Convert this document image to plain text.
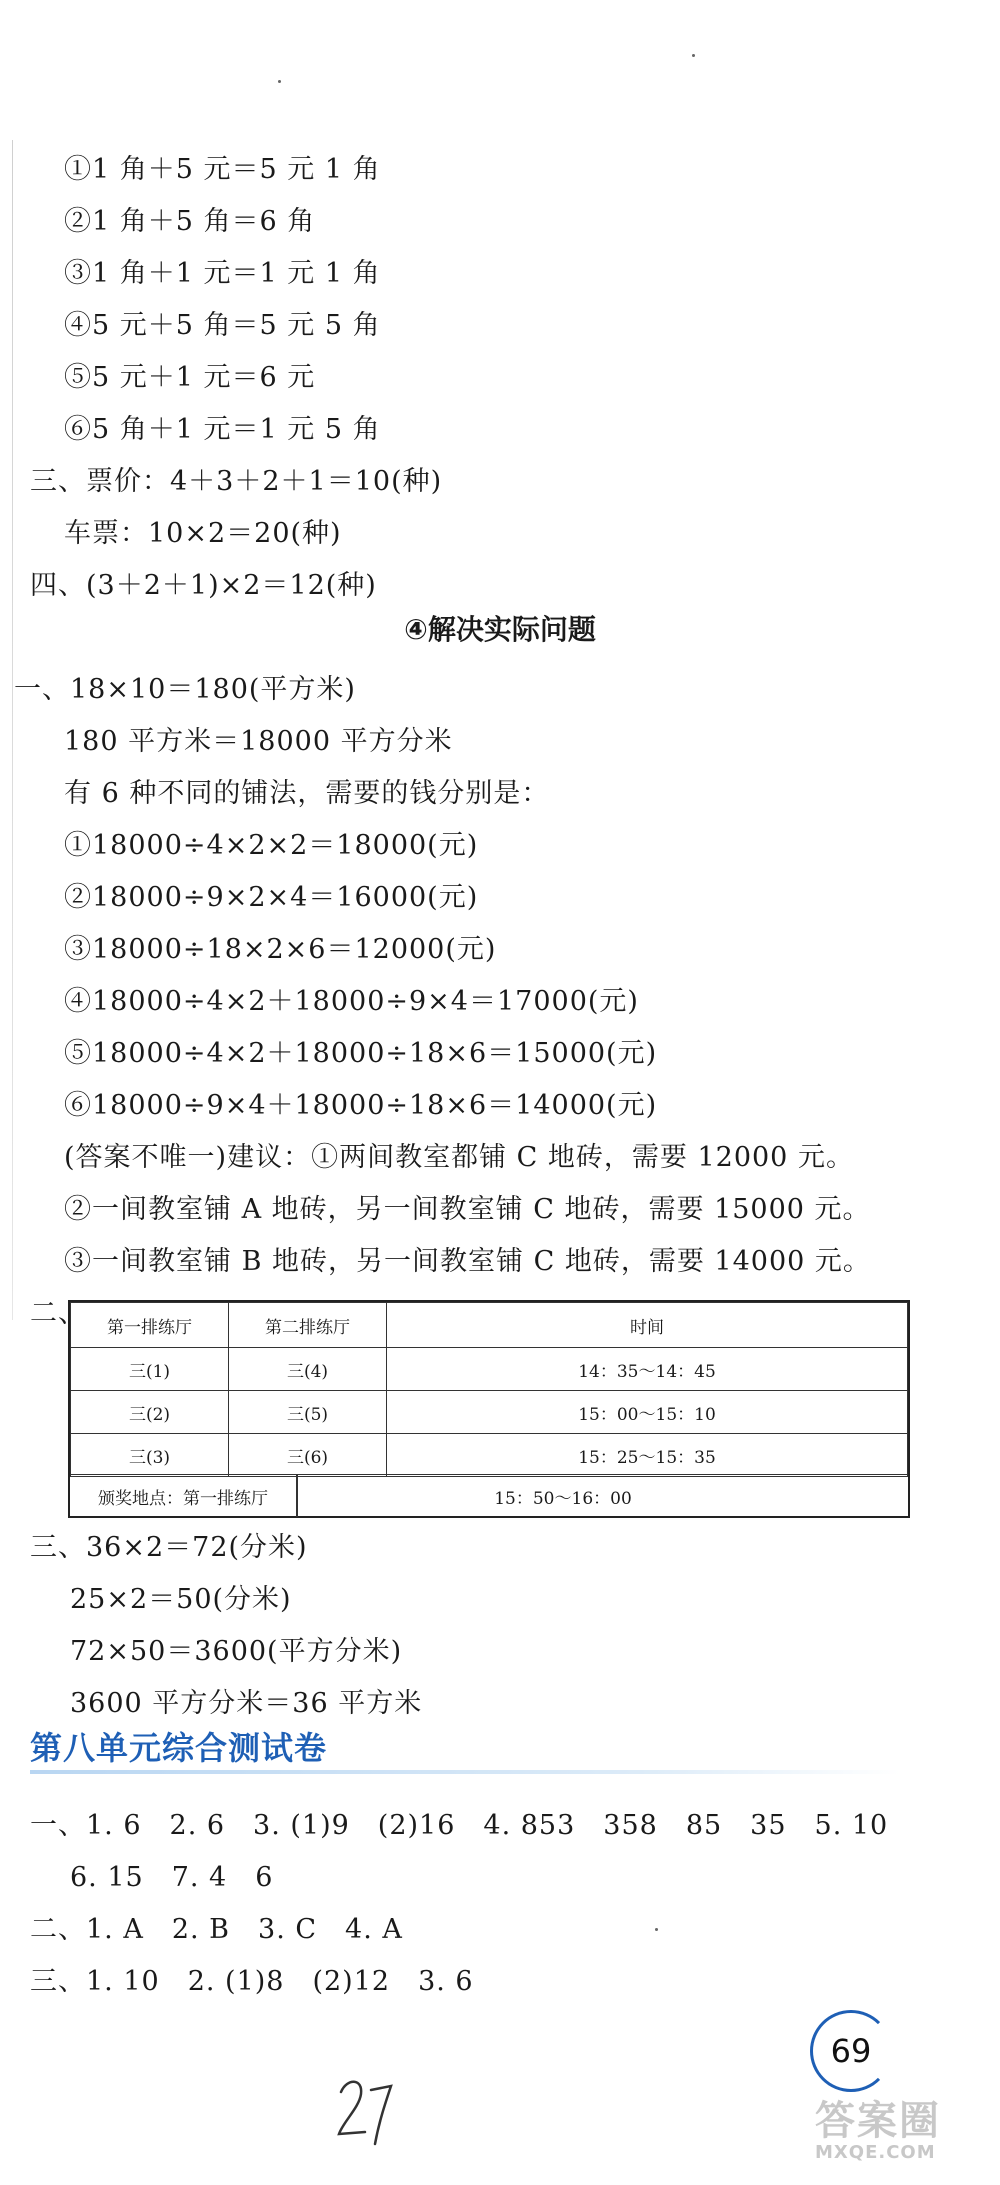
①1 角＋5 元＝5 元 1 角
②1 角＋5 角＝6 角
③1 角＋1 元＝1 元 1 角
④5 元＋5 角＝5 元 5 角
⑤5 元＋1 元＝6 元
⑥5 角＋1 元＝1 元 5 角
三、票价：4＋3＋2＋1＝10(种)
车票：10×2＝20(种)
四、(3＋2＋1)×2＝12(种)
④解决实际问题
一、18×10＝180(平方米)
180 平方米＝18000 平方分米
有 6 种不同的铺法，需要的钱分别是：
①18000÷4×2×2＝18000(元)
②18000÷9×2×4＝16000(元)
③18000÷18×2×6＝12000(元)
④18000÷4×2＋18000÷9×4＝17000(元)
⑤18000÷4×2＋18000÷18×6＝15000(元)
⑥18000÷9×4＋18000÷18×6＝14000(元)
(答案不唯一)建议：①两间教室都铺 C 地砖，需要 12000 元。
②一间教室铺 A 地砖，另一间教室铺 C 地砖，需要 15000 元。
③一间教室铺 B 地砖，另一间教室铺 C 地砖，需要 14000 元。
二、 第一排练厅	第二排练厅	时间
三(1)	三(4)	14：35～14：45
三(2)	三(5)	15：00～15：10
三(3)	三(6)	15：25～15：35
颁奖地点：第一排练厅	15：50～16：00
三、36×2＝72(分米)
25×2＝50(分米)
72×50＝3600(平方分米)
3600 平方分米＝36 平方米
第八单元综合测试卷
一、1. 6　2. 6　3. (1)9　(2)16　4. 853　358　85　35　5. 10
6. 15　7. 4　6
二、1. A　2. B　3. C　4. A
三、1. 10　2. (1)8　(2)12　3. 6
69
答案圈
MXQE.COM
